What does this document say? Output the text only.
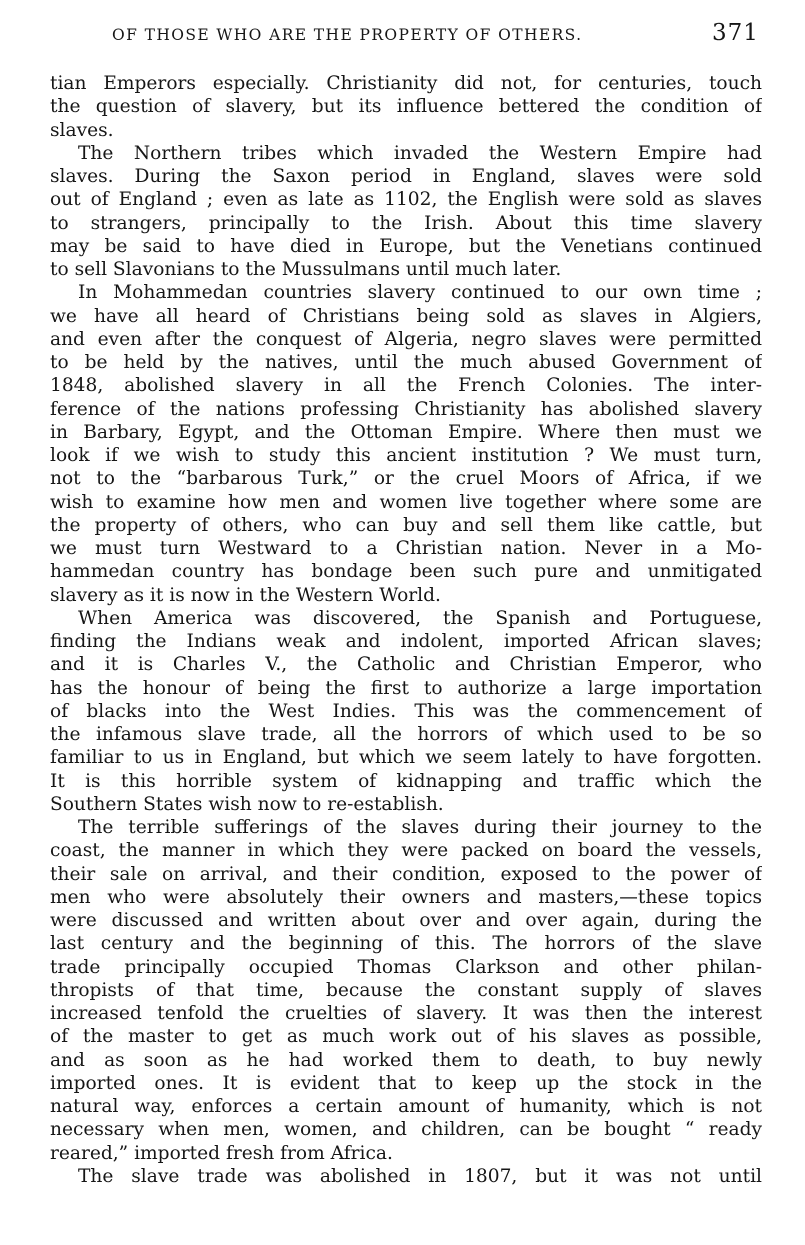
OF THOSE WHO ARE THE PROPERTY OF OTHERS.	371
tian Emperors especially. Christianity did not, for centuries, touch
the question of slavery, but its influence bettered the condition of
slaves.
The Northern tribes which invaded the Western Empire had
slaves. During the Saxon period in England, slaves were sold
out of England ; even as late as 1102, the English were sold as slaves
to strangers, principally to the Irish. About this time slavery
may be said to have died in Europe, but the Venetians continued
to sell Slavonians to the Mussulmans until much later.
In Mohammedan countries slavery continued to our own time ;
we have all heard of Christians being sold as slaves in Algiers,
and even after the conquest of Algeria, negro slaves were permitted
to be held by the natives, until the much abused Government of
1848, abolished slavery in all the French Colonies. The inter-
ference of the nations professing Christianity has abolished slavery
in Barbary, Egypt, and the Ottoman Empire. Where then must we
look if we wish to study this ancient institution ? We must turn,
not to the “barbarous Turk,” or the cruel Moors of Africa, if we
wish to examine how men and women live together where some are
the property of others, who can buy and sell them like cattle, but
we must turn Westward to a Christian nation. Never in a Mo-
hammedan country has bondage been such pure and unmitigated
slavery as it is now in the Western World.
When America was discovered, the Spanish and Portuguese,
finding the Indians weak and indolent, imported African slaves;
and it is Charles V., the Catholic and Christian Emperor, who
has the honour of being the first to authorize a large importation
of blacks into the West Indies. This was the commencement of
the infamous slave trade, all the horrors of which used to be so
familiar to us in England, but which we seem lately to have forgotten.
It is this horrible system of kidnapping and traffic which the
Southern States wish now to re-establish.
The terrible sufferings of the slaves during their journey to the
coast, the manner in which they were packed on board the vessels,
their sale on arrival, and their condition, exposed to the power of
men who were absolutely their owners and masters,—these topics
were discussed and written about over and over again, during the
last century and the beginning of this. The horrors of the slave
trade principally occupied Thomas Clarkson and other philan-
thropists of that time, because the constant supply of slaves
increased tenfold the cruelties of slavery. It was then the interest
of the master to get as much work out of his slaves as possible,
and as soon as he had worked them to death, to buy newly
imported ones. It is evident that to keep up the stock in the
natural way, enforces a certain amount of humanity, which is not
necessary when men, women, and children, can be bought “ ready
reared,” imported fresh from Africa.
The slave trade was abolished in 1807, but it was not until
